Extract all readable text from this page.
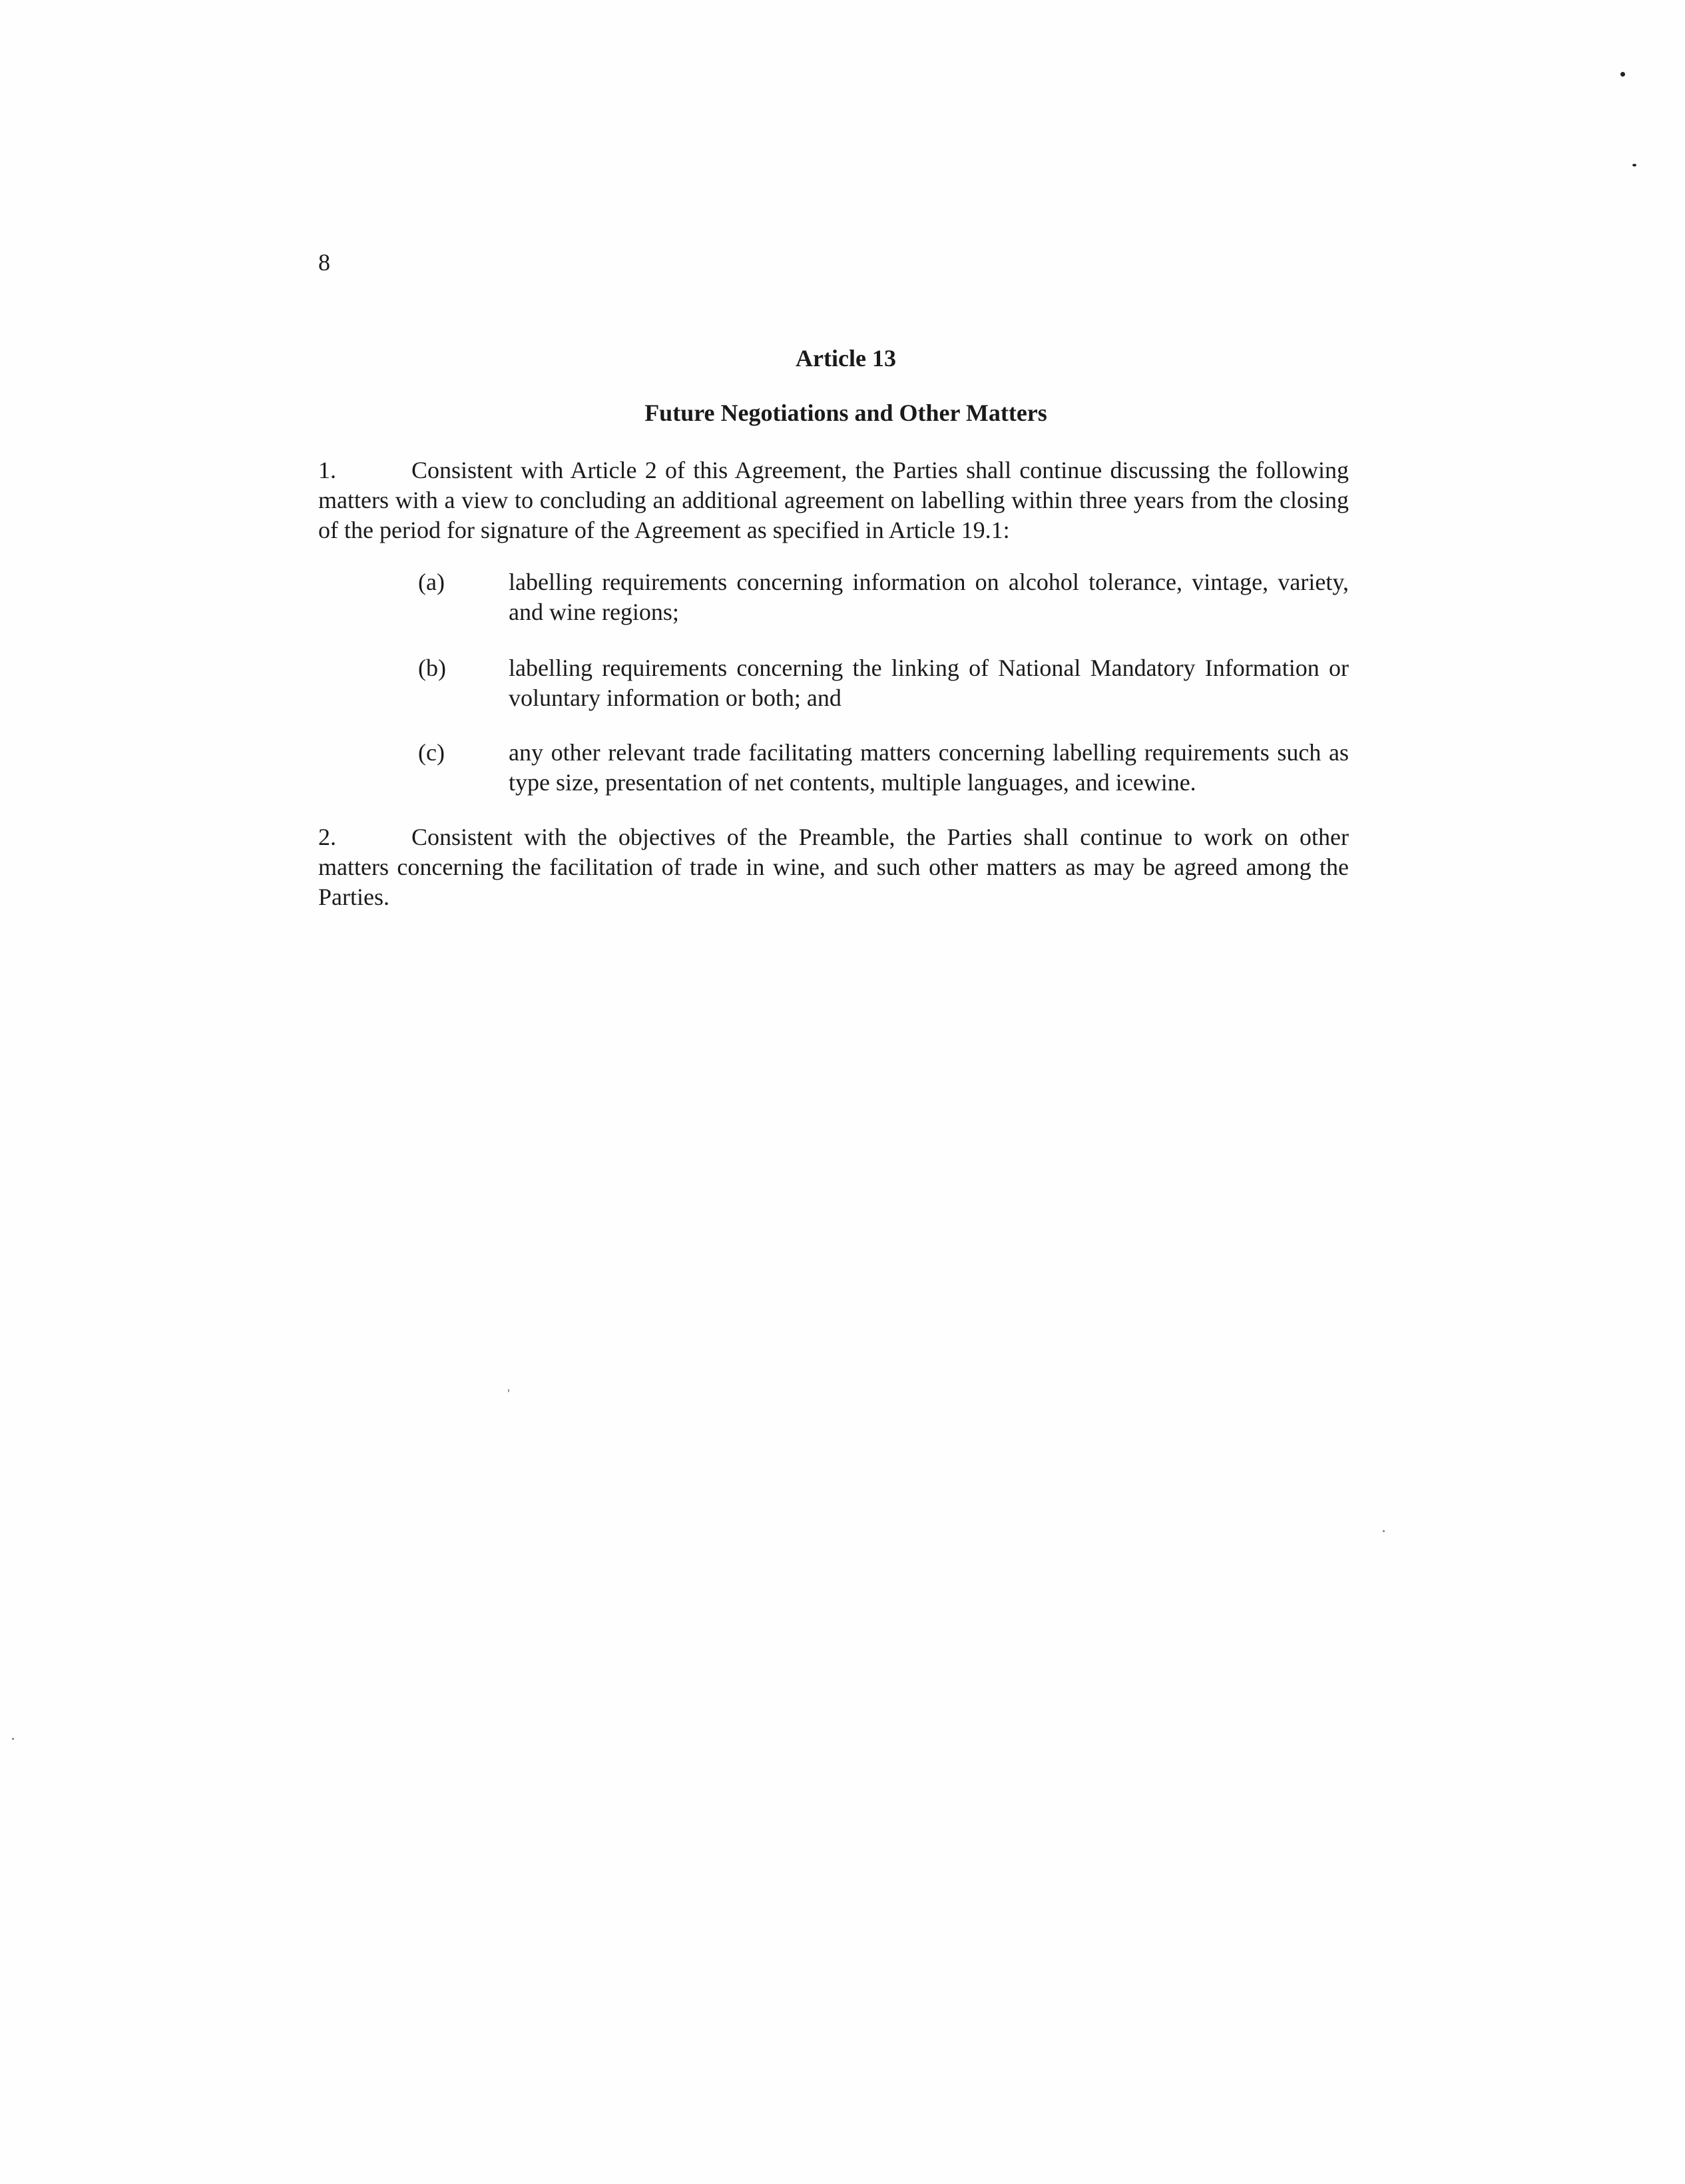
8
Article 13
Future Negotiations and Other Matters
1.	Consistent with Article 2 of this Agreement, the Parties shall continue discussing the following matters with a view to concluding an additional agreement on labelling within three years from the closing of the period for signature of the Agreement as specified in Article 19.1:
(a)	labelling requirements concerning information on alcohol tolerance, vintage, variety, and wine regions;
(b)	labelling requirements concerning the linking of National Mandatory Information or voluntary information or both; and
(c)	any other relevant trade facilitating matters concerning labelling requirements such as type size, presentation of net contents, multiple languages, and icewine.
2.	Consistent with the objectives of the Preamble, the Parties shall continue to work on other matters concerning the facilitation of trade in wine, and such other matters as may be agreed among the Parties.
